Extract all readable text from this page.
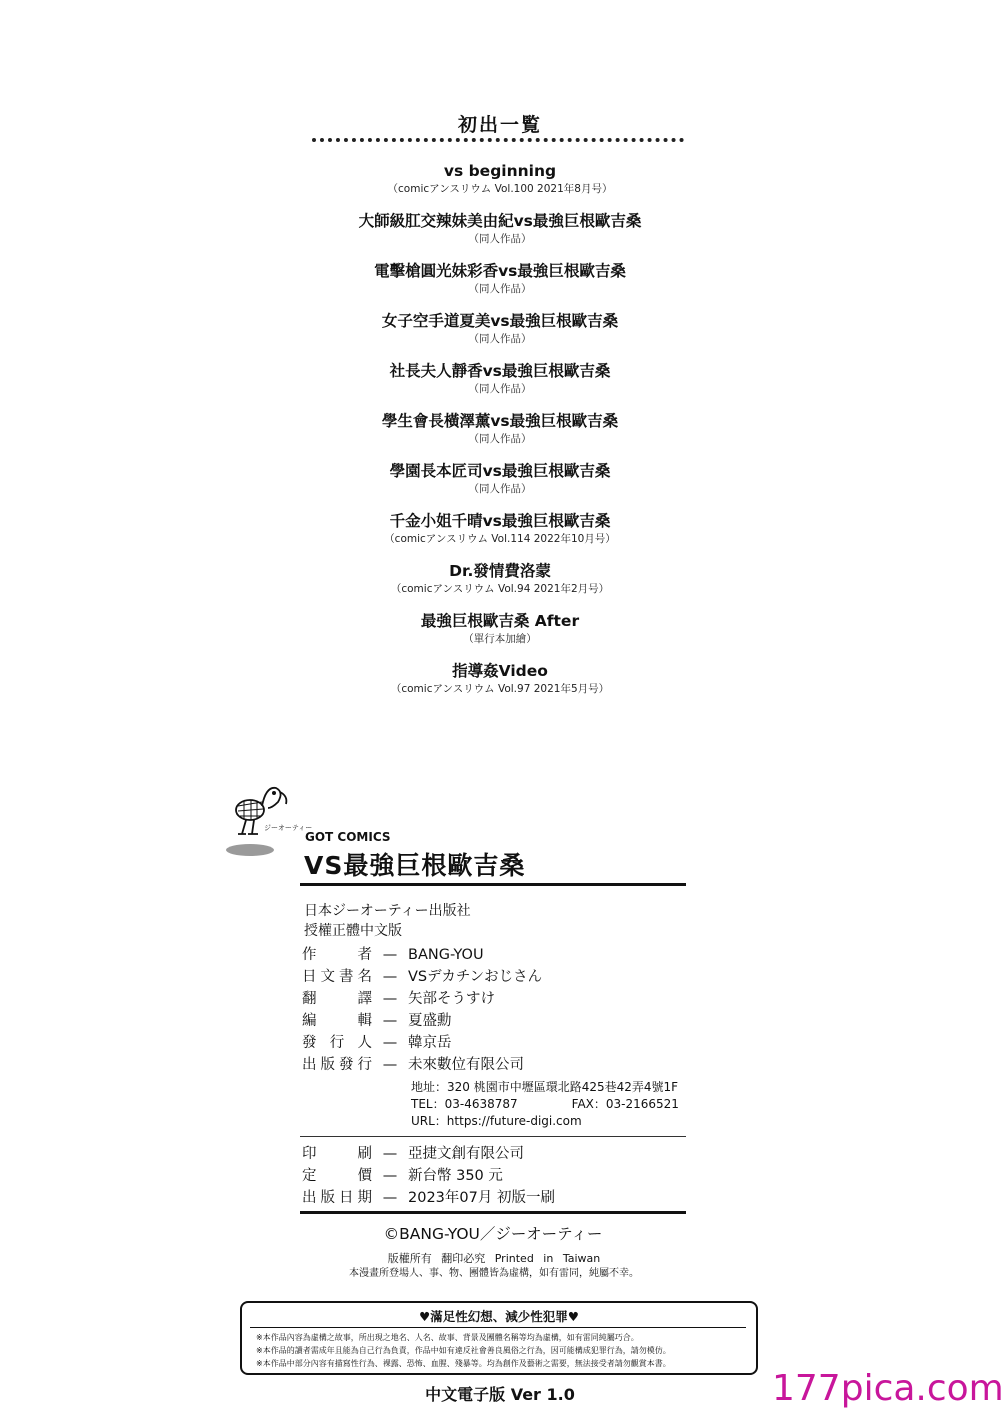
初出一覧
vs beginning
（comicアンスリウム Vol.100 2021年8月号）
大師級肛交辣妹美由紀vs最強巨根歐吉桑
（同人作品）
電擊槍圓光妹彩香vs最強巨根歐吉桑
（同人作品）
女子空手道夏美vs最強巨根歐吉桑
（同人作品）
社長夫人靜香vs最強巨根歐吉桑
（同人作品）
學生會長橫澤薰vs最強巨根歐吉桑
（同人作品）
學園長本匠司vs最強巨根歐吉桑
（同人作品）
千金小姐千晴vs最強巨根歐吉桑
（comicアンスリウム Vol.114 2022年10月号）
Dr.發情費洛蒙
（comicアンスリウム Vol.94 2021年2月号）
最強巨根歐吉桑 After
（單行本加繪）
指導姦Video
（comicアンスリウム Vol.97 2021年5月号）
ジーオーティー
GOT COMICS
VS最強巨根歐吉桑
日本ジーオーティー出版社
授權正體中文版
作者 — BANG-YOU
日文書名 — VSデカチンおじさん
翻譯 — 矢部そうすけ
編輯 — 夏盛勳
發行人 — 韓京岳
出版發行 — 未來數位有限公司
地址：320 桃園市中壢區環北路425巷42弄4號1F
TEL：03-4638787	FAX：03-2166521
URL：https://future-digi.com
印刷 — 亞捷文創有限公司
定價 — 新台幣 350 元
出版日期 — 2023年07月 初版一刷
©BANG-YOU／ジーオーティー
版權所有 翻印必究 Printed in Taiwan
本漫畫所登場人、事、物、團體皆為虛構，如有雷同，純屬不幸。
♥滿足性幻想、減少性犯罪♥
※本作品內容為虛構之故事，所出現之地名、人名、故事、背景及團體名稱等均為虛構，如有雷同純屬巧合。
※本作品的讀者需成年且能為自己行為負責，作品中如有違反社會善良風俗之行為，因可能構成犯罪行為，請勿模仿。
※本作品中部分內容有描寫性行為、裸露、恐怖、血腥、殘暴等。均為創作及藝術之需要，無法接受者請勿觀賞本書。
中文電子版 Ver 1.0	177pica.com
